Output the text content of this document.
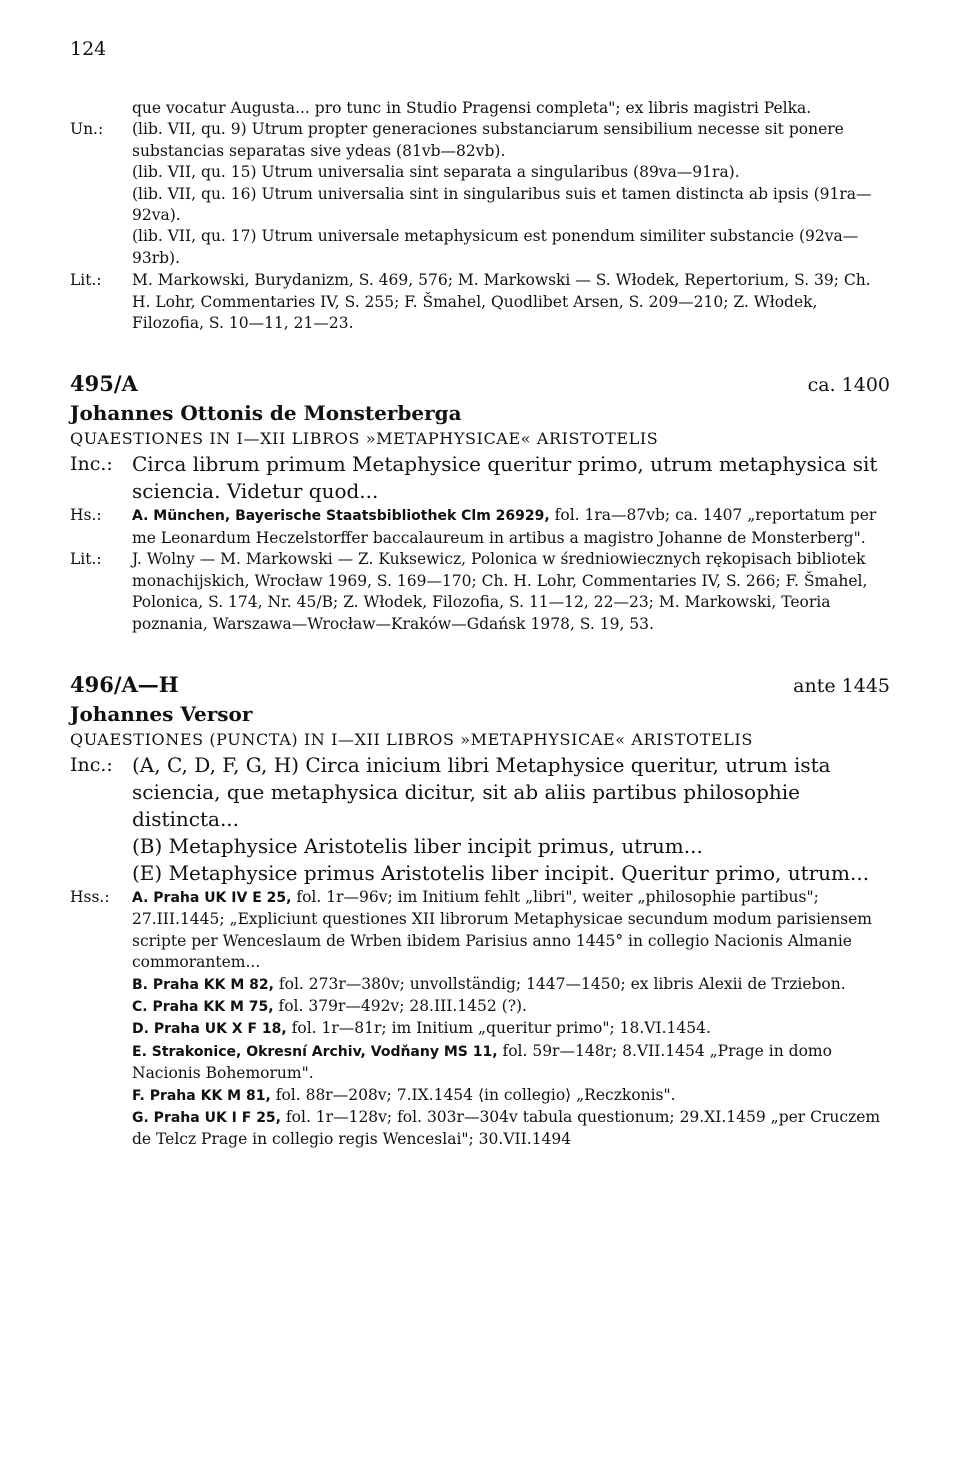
124
que vocatur Augusta... pro tunc in Studio Pragensi completa"; ex libris magistri Pelka.
Un.:	(lib. VII, qu. 9) Utrum propter generaciones substanciarum sensibilium necesse sit ponere substancias separatas sive ydeas (81vb—82vb).

(lib. VII, qu. 15) Utrum universalia sint separata a singularibus (89va—91ra).

(lib. VII, qu. 16) Utrum universalia sint in singularibus suis et tamen distincta ab ipsis (91ra—92va).

(lib. VII, qu. 17) Utrum universale metaphysicum est ponendum similiter substancie (92va—93rb).

Lit.:	M. Markowski, Burydanizm, S. 469, 576; M. Markowski — S. Włodek, Repertorium, S. 39; Ch. H. Lohr, Commentaries IV, S. 255; F. Šmahel, Quodlibet Arsen, S. 209—210; Z. Włodek, Filozofia, S. 10—11, 21—23.
495/A	ca. 1400
Johannes Ottonis de Monsterberga
QUAESTIONES IN I—XII LIBROS »METAPHYSICAE« ARISTOTELIS
Inc.: Circa librum primum Metaphysice queritur primo, utrum metaphysica sit sciencia. Videtur quod...
Hs.:	A. München, Bayerische Staatsbibliothek Clm 26929, fol. 1ra—87vb; ca. 1407 „reportatum per me Leonardum Heczelstorffer baccalaureum in artibus a magistro Johanne de Monsterberg".
Lit.:	J. Wolny — M. Markowski — Z. Kuksewicz, Polonica w średniowiecznych rękopisach bibliotek monachijskich, Wrocław 1969, S. 169—170; Ch. H. Lohr, Commentaries IV, S. 266; F. Šmahel, Polonica, S. 174, Nr. 45/B; Z. Włodek, Filozofia, S. 11—12, 22—23; M. Markowski, Teoria poznania, Warszawa—Wrocław—Kraków—Gdańsk 1978, S. 19, 53.
496/A—H	ante 1445
Johannes Versor
QUAESTIONES (PUNCTA) IN I—XII LIBROS »METAPHYSICAE« ARISTOTELIS
Inc.: (A, C, D, F, G, H) Circa inicium libri Metaphysice queritur, utrum ista sciencia, que metaphysica dicitur, sit ab aliis partibus philosophie distincta...

(B) Metaphysice Aristotelis liber incipit primus, utrum...

(E) Metaphysice primus Aristotelis liber incipit. Queritur primo, utrum...

Hss.:	A. Praha UK IV E 25, fol. 1r—96v; im Initium fehlt „libri", weiter „philosophie partibus"; 27.III.1445; „Expliciunt questiones XII librorum Metaphysicae secundum modum parisiensem scripte per Wenceslaum de Wrben ibidem Parisius anno 1445° in collegio Nacionis Almanie commorantem...

B. Praha KK M 82, fol. 273r—380v; unvollständig; 1447—1450; ex libris Alexii de Trziebon.

C. Praha KK M 75, fol. 379r—492v; 28.III.1452 (?).

D. Praha UK X F 18, fol. 1r—81r; im Initium „queritur primo"; 18.VI.1454.

E. Strakonice, Okresní Archiv, Vodňany MS 11, fol. 59r—148r; 8.VII.1454 „Prage in domo Nacionis Bohemorum".

F. Praha KK M 81, fol. 88r—208v; 7.IX.1454 ⟨in collegio⟩ „Reczkonis".

G. Praha UK I F 25, fol. 1r—128v; fol. 303r—304v tabula questionum; 29.XI.1459 „per Cruczem de Telcz Prage in collegio regis Wenceslai"; 30.VII.1494
